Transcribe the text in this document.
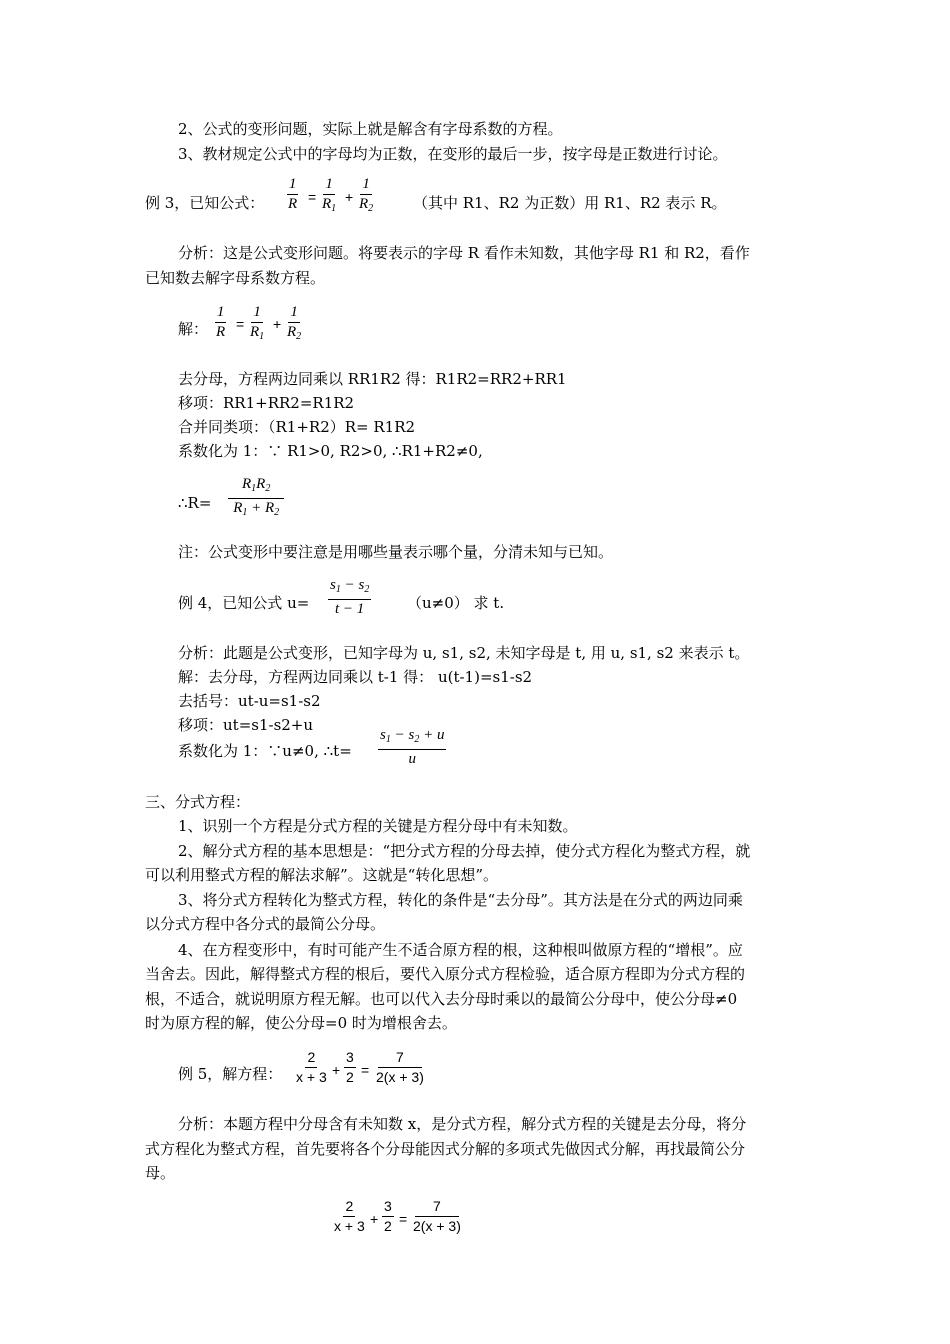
2、公式的变形问题，实际上就是解含有字母系数的方程。
3、教材规定公式中的字母均为正数，在变形的最后一步，按字母是正数进行讨论。
例 3，已知公式： $\frac{1}{R} = \frac{1}{R_1} + \frac{1}{R_2}$	（其中 R1、R2 为正数）用 R1、R2 表示 R。
分析：这是公式变形问题。将要表示的字母 R 看作未知数，其他字母 R1 和 R2，看作
已知数去解字母系数方程。
解： $\frac{1}{R} = \frac{1}{R_1} + \frac{1}{R_2}$
去分母，方程两边同乘以 RR1R2 得：R1R2=RR2+RR1
移项：RR1+RR2=R1R2
合并同类项：（R1+R2）R= R1R2
系数化为 1：∵ R1>0, R2>0, ∴R1+R2≠0,
∴R= $\frac{R_1R_2}{R_1 + R_2}$
注：公式变形中要注意是用哪些量表示哪个量，分清未知与已知。
例 4，已知公式 $u= \frac{s_1 - s_2}{t - 1} (u\ne 0)$ 求 t.
分析：此题是公式变形，已知字母为 u, s1, s2, 未知字母是 t, 用 u, s1, s2 来表示 t。
解：去分母，方程两边同乘以 t-1 得： u(t-1)=s1-s2
去括号：ut-u=s1-s2
移项：ut=s1-s2+u
系数化为 1：∵u≠0, ∴t= $\frac{s_1 - s_2 + u}{u}$
三、分式方程：
1、识别一个方程是分式方程的关键是方程分母中有未知数。
2、解分式方程的基本思想是：“把分式方程的分母去掉，使分式方程化为整式方程，就
可以利用整式方程的解法求解”。这就是“转化思想”。
3、将分式方程转化为整式方程，转化的条件是“去分母”。其方法是在分式的两边同乘
以分式方程中各分式的最简公分母。
4、在方程变形中，有时可能产生不适合原方程的根，这种根叫做原方程的“增根”。应
当舍去。因此，解得整式方程的根后，要代入原分式方程检验，适合原方程即为分式方程的
根，不适合，就说明原方程无解。也可以代入去分母时乘以的最简公分母中，使公分母≠0
时为原方程的解，使公分母=0 时为增根舍去。
例 5，解方程： $\frac{2}{x + 3} + \frac{3}{2} = \frac{7}{2(x + 3)}$
分析：本题方程中分母含有未知数 x，是分式方程，解分式方程的关键是去分母，将分
式方程化为整式方程，首先要将各个分母能因式分解的多项式先做因式分解，再找最简公分
母。
$\frac{2}{x + 3} + \frac{3}{2} = \frac{7}{2(x + 3)}$
